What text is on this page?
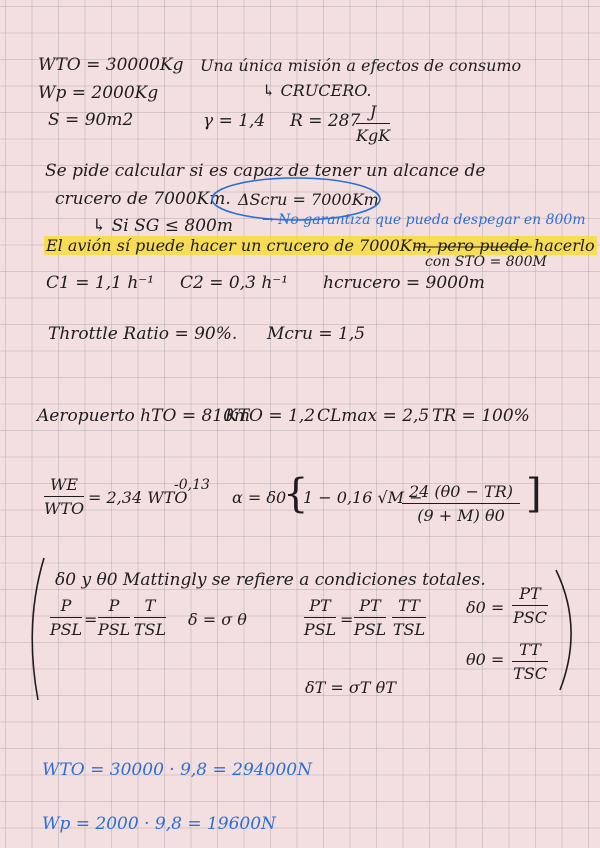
WTO = 30000Kg
Wp = 2000Kg
S = 90m2
Una única misión a efectos de consumo
↳ CRUCERO.
γ = 1,4 R = 287 J
KgK
Se pide calcular si es capaz de tener un alcance de
crucero de 7000Km. ΔScru = 7000Km
↳ Si SG ≤ 800m → No garantiza que pueda despegar en 800m
El avión sí puede hacer un crucero de 7000Km, pero puede hacerlo
con STO = 800M
C1 = 1,1 h⁻¹ C2 = 0,3 h⁻¹ hcrucero = 9000m
Throttle Ratio = 90%. Mcru = 1,5
Aeropuerto hTO = 810m
KTO = 1,2 CLmax = 2,5 TR = 100%
WE
WTO
= 2,34 WTO
-0,13
α = δ0
{
1 − 0,16 √M −
24 (θ0 − TR)
(9 + M) θ0 ]
δ0 y θ0 Mattingly se refiere a condiciones totales.
P
PSL
=
P
PSL
T
TSL
δ = σ θ
PT
PSL
=
PT
PSL
TT
TSL
δ0 =
PT
PSC
θ0 =
TT
TSC
δT = σT θT
WTO = 30000 · 9,8 = 294000N
Wp = 2000 · 9,8 = 19600N
